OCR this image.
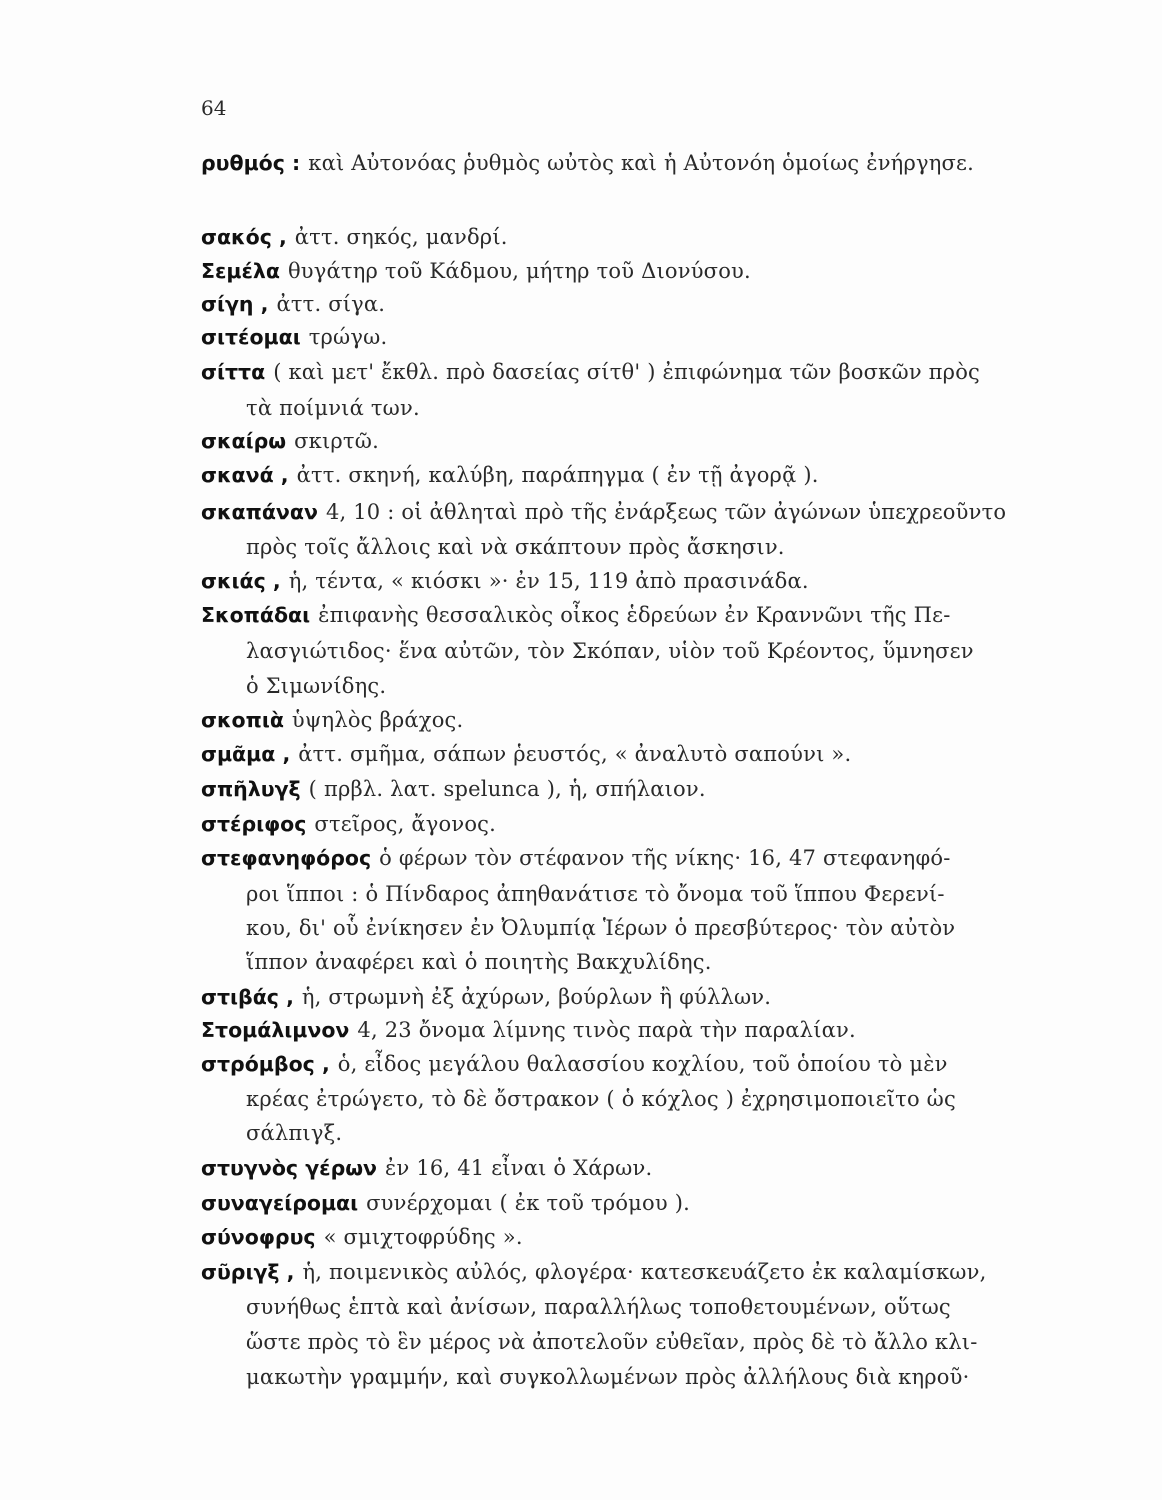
64
ρυθμός : καὶ Αὐτονόας ῥυθμὸς ωὐτὸς καὶ ἡ Αὐτονόη ὁμοίως ἐνήργησε.
σακός , ἀττ. σηκός, μανδρί.
Σεμέλα θυγάτηρ τοῦ Κάδμου, μήτηρ τοῦ Διονύσου.
σίγη , ἀττ. σίγα.
σιτέομαι τρώγω.
σίττα ( καὶ μετ' ἔκθλ. πρὸ δασείας σίτθ' ) ἐπιφώνημα τῶν βοσκῶν πρὸς
τὰ ποίμνιά των.
σκαίρω σκιρτῶ.
σκανά , ἀττ. σκηνή, καλύβη, παράπηγμα ( ἐν τῇ ἀγορᾷ ).
σκαπάναν 4, 10 : οἱ ἀθληταὶ πρὸ τῆς ἐνάρξεως τῶν ἀγώνων ὑπεχρεοῦντο
πρὸς τοῖς ἄλλοις καὶ νὰ σκάπτουν πρὸς ἄσκησιν.
σκιάς , ἡ, τέντα, « κιόσκι »· ἐν 15, 119 ἀπὸ πρασινάδα.
Σκοπάδαι ἐπιφανὴς θεσσαλικὸς οἶκος ἑδρεύων ἐν Κραννῶνι τῆς Πε-
λασγιώτιδος· ἕνα αὐτῶν, τὸν Σκόπαν, υἱὸν τοῦ Κρέοντος, ὕμνησεν
ὁ Σιμωνίδης.
σκοπιὰ ὑψηλὸς βράχος.
σμᾶμα , ἀττ. σμῆμα, σάπων ῥευστός, « ἀναλυτὸ σαπούνι ».
σπῆλυγξ ( πρβλ. λατ. spelunca ), ἡ, σπήλαιον.
στέριφος στεῖρος, ἄγονος.
στεφανηφόρος ὁ φέρων τὸν στέφανον τῆς νίκης· 16, 47 στεφανηφό-
ροι ἵπποι : ὁ Πίνδαρος ἀπηθανάτισε τὸ ὄνομα τοῦ ἵππου Φερενί-
κου, δι' οὗ ἐνίκησεν ἐν Ὀλυμπίᾳ Ἱέρων ὁ πρεσβύτερος· τὸν αὐτὸν
ἵππον ἀναφέρει καὶ ὁ ποιητὴς Βακχυλίδης.
στιβάς , ἡ, στρωμνὴ ἐξ ἀχύρων, βούρλων ἢ φύλλων.
Στομάλιμνον 4, 23 ὄνομα λίμνης τινὸς παρὰ τὴν παραλίαν.
στρόμβος , ὁ, εἶδος μεγάλου θαλασσίου κοχλίου, τοῦ ὁποίου τὸ μὲν
κρέας ἐτρώγετο, τὸ δὲ ὄστρακον ( ὁ κόχλος ) ἐχρησιμοποιεῖτο ὡς
σάλπιγξ.
στυγνὸς γέρων ἐν 16, 41 εἶναι ὁ Χάρων.
συναγείρομαι συνέρχομαι ( ἐκ τοῦ τρόμου ).
σύνοφρυς « σμιχτοφρύδης ».
σῦριγξ , ἡ, ποιμενικὸς αὐλός, φλογέρα· κατεσκευάζετο ἐκ καλαμίσκων,
συνήθως ἑπτὰ καὶ ἀνίσων, παραλλήλως τοποθετουμένων, οὕτως
ὥστε πρὸς τὸ ἓν μέρος νὰ ἀποτελοῦν εὐθεῖαν, πρὸς δὲ τὸ ἄλλο κλι-
μακωτὴν γραμμήν, καὶ συγκολλωμένων πρὸς ἀλλήλους διὰ κηροῦ·
